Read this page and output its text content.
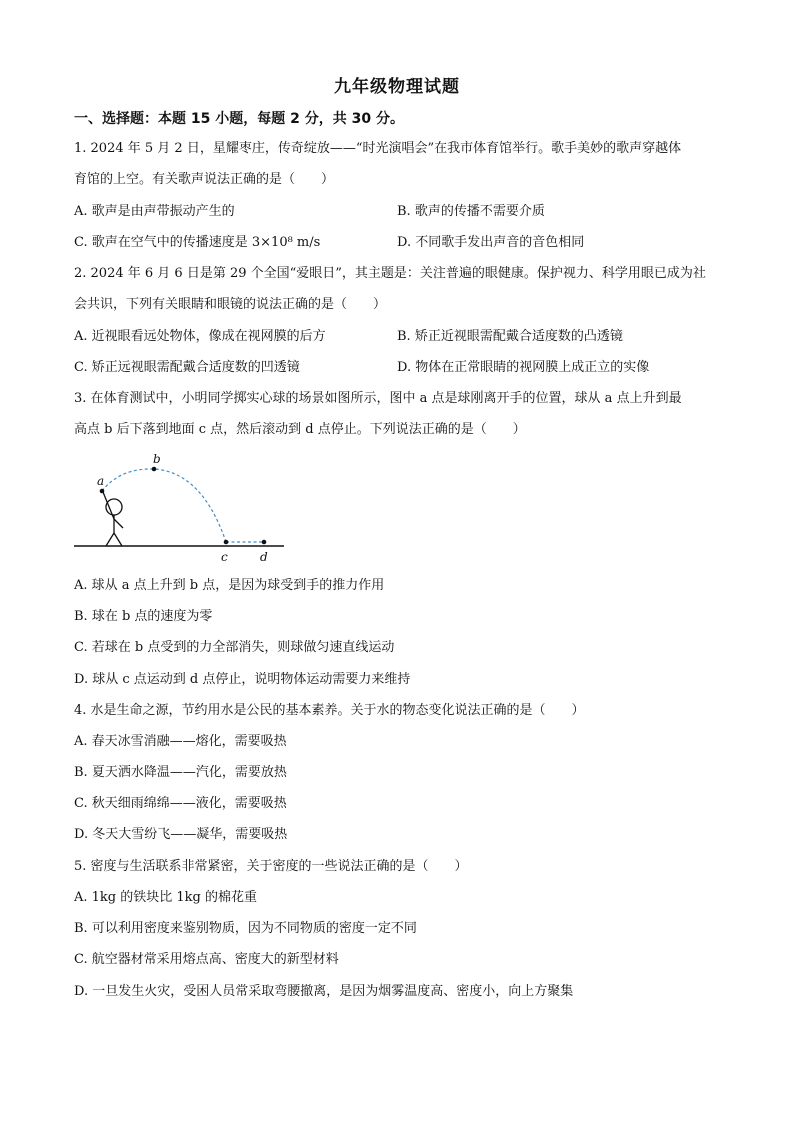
九年级物理试题
一、选择题：本题 15 小题，每题 2 分，共 30 分。
1. 2024 年 5 月 2 日，星耀枣庄，传奇绽放——“时光演唱会”在我市体育馆举行。歌手美妙的歌声穿越体
育馆的上空。有关歌声说法正确的是（　　）
A. 歌声是由声带振动产生的	B. 歌声的传播不需要介质
C. 歌声在空气中的传播速度是 3×10⁸ m/s	D. 不同歌手发出声音的音色相同
2. 2024 年 6 月 6 日是第 29 个全国“爱眼日”，其主题是：关注普遍的眼健康。保护视力、科学用眼已成为社
会共识，下列有关眼睛和眼镜的说法正确的是（　　）
A. 近视眼看远处物体，像成在视网膜的后方	B. 矫正近视眼需配戴合适度数的凸透镜
C. 矫正远视眼需配戴合适度数的凹透镜	D. 物体在正常眼睛的视网膜上成正立的实像
3. 在体育测试中，小明同学掷实心球的场景如图所示，图中 a 点是球刚离开手的位置，球从 a 点上升到最
高点 b 后下落到地面 c 点，然后滚动到 d 点停止。下列说法正确的是（　　）
a
b
c	d
A. 球从 a 点上升到 b 点，是因为球受到手的推力作用
B. 球在 b 点的速度为零
C. 若球在 b 点受到的力全部消失，则球做匀速直线运动
D. 球从 c 点运动到 d 点停止，说明物体运动需要力来维持
4. 水是生命之源，节约用水是公民的基本素养。关于水的物态变化说法正确的是（　　）
A. 春天冰雪消融——熔化，需要吸热
B. 夏天洒水降温——汽化，需要放热
C. 秋天细雨绵绵——液化，需要吸热
D. 冬天大雪纷飞——凝华，需要吸热
5. 密度与生活联系非常紧密，关于密度的一些说法正确的是（　　）
A. 1kg 的铁块比 1kg 的棉花重
B. 可以利用密度来鉴别物质，因为不同物质的密度一定不同
C. 航空器材常采用熔点高、密度大的新型材料
D. 一旦发生火灾，受困人员常采取弯腰撤离，是因为烟雾温度高、密度小，向上方聚集
